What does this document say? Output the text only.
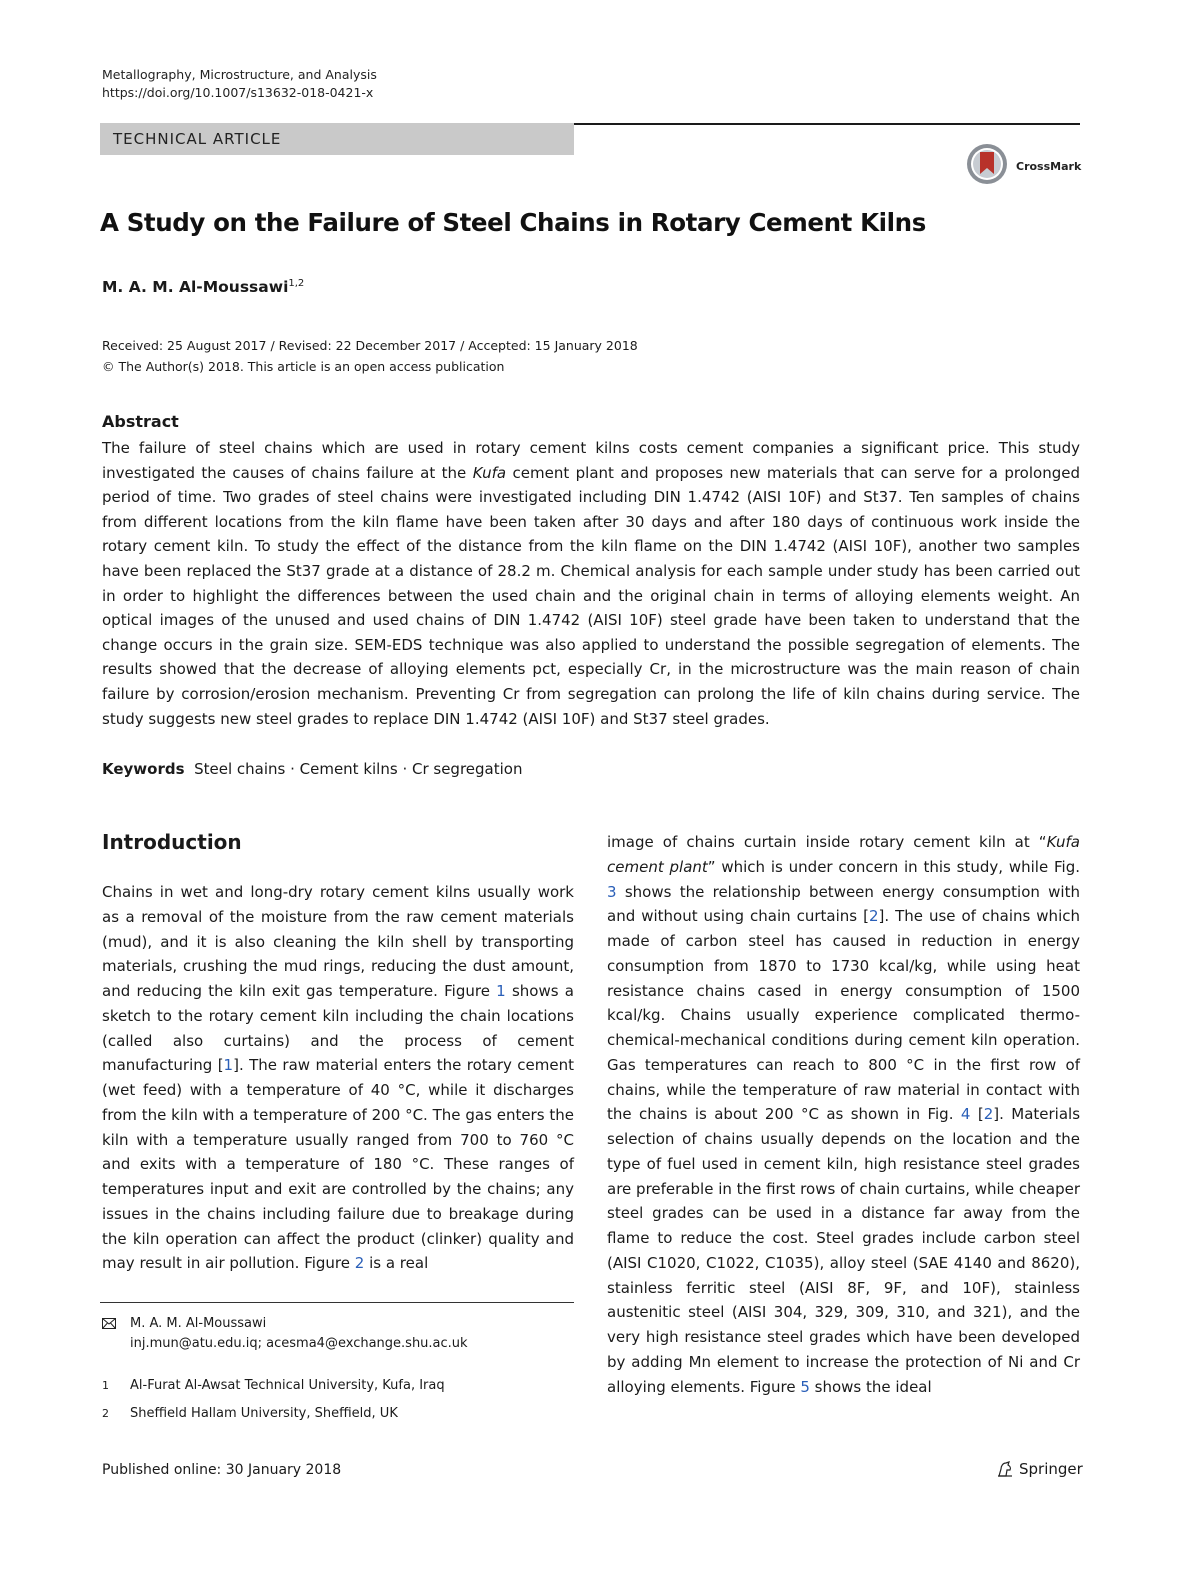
Metallography, Microstructure, and Analysis
https://doi.org/10.1007/s13632-018-0421-x
TECHNICAL ARTICLE
CrossMark
A Study on the Failure of Steel Chains in Rotary Cement Kilns
M. A. M. Al-Moussawi$^{1,2}$
Received: 25 August 2017 / Revised: 22 December 2017 / Accepted: 15 January 2018
© The Author(s) 2018. This article is an open access publication
Abstract

The failure of steel chains which are used in rotary cement kilns costs cement companies a significant price. This study investigated the causes of chains failure at the Kufa cement plant and proposes new materials that can serve for a prolonged period of time. Two grades of steel chains were investigated including DIN 1.4742 (AISI 10F) and St37. Ten samples of chains from different locations from the kiln flame have been taken after 30 days and after 180 days of continuous work inside the rotary cement kiln. To study the effect of the distance from the kiln flame on the DIN 1.4742 (AISI 10F), another two samples have been replaced the St37 grade at a distance of 28.2 m. Chemical analysis for each sample under study has been carried out in order to highlight the differences between the used chain and the original chain in terms of alloying elements weight. An optical images of the unused and used chains of DIN 1.4742 (AISI 10F) steel grade have been taken to understand that the change occurs in the grain size. SEM-EDS technique was also applied to understand the possible segregation of elements. The results showed that the decrease of alloying elements pct, especially Cr, in the microstructure was the main reason of chain failure by corrosion/erosion mechanism. Preventing Cr from segregation can prolong the life of kiln chains during service. The study suggests new steel grades to replace DIN 1.4742 (AISI 10F) and St37 steel grades.

Keywords Steel chains · Cement kilns · Cr segregation
Introduction

Chains in wet and long-dry rotary cement kilns usually work as a removal of the moisture from the raw cement materials (mud), and it is also cleaning the kiln shell by transporting materials, crushing the mud rings, reducing the dust amount, and reducing the kiln exit gas temperature. Figure 1 shows a sketch to the rotary cement kiln including the chain locations (called also curtains) and the process of cement manufacturing [1]. The raw material enters the rotary cement (wet feed) with a temperature of 40 °C, while it discharges from the kiln with a temperature of 200 °C. The gas enters the kiln with a temperature usually ranged from 700 to 760 °C and exits with a temperature of 180 °C. These ranges of temperatures input and exit are controlled by the chains; any issues in the chains including failure due to breakage during the kiln operation can affect the product (clinker) quality and may result in air pollution. Figure 2 is a real

image of chains curtain inside rotary cement kiln at “Kufa cement plant” which is under concern in this study, while Fig. 3 shows the relationship between energy consumption with and without using chain curtains [2]. The use of chains which made of carbon steel has caused in reduction in energy consumption from 1870 to 1730 kcal/kg, while using heat resistance chains cased in energy consumption of 1500 kcal/kg. Chains usually experience complicated thermo-chemical-mechanical conditions during cement kiln operation. Gas temperatures can reach to 800 °C in the first row of chains, while the temperature of raw material in contact with the chains is about 200 °C as shown in Fig. 4 [2]. Materials selection of chains usually depends on the location and the type of fuel used in cement kiln, high resistance steel grades are preferable in the first rows of chain curtains, while cheaper steel grades can be used in a distance far away from the flame to reduce the cost. Steel grades include carbon steel (AISI C1020, C1022, C1035), alloy steel (SAE 4140 and 8620), stainless ferritic steel (AISI 8F, 9F, and 10F), stainless austenitic steel (AISI 304, 329, 309, 310, and 321), and the very high resistance steel grades which have been developed by adding Mn element to increase the protection of Ni and Cr alloying elements. Figure 5 shows the ideal

M. A. M. Al-Moussawi
inj.mun@atu.edu.iq; acesma4@exchange.shu.ac.uk
1 Al-Furat Al-Awsat Technical University, Kufa, Iraq
2 Sheffield Hallam University, Sheffield, UK
Published online: 30 January 2018	Springer
